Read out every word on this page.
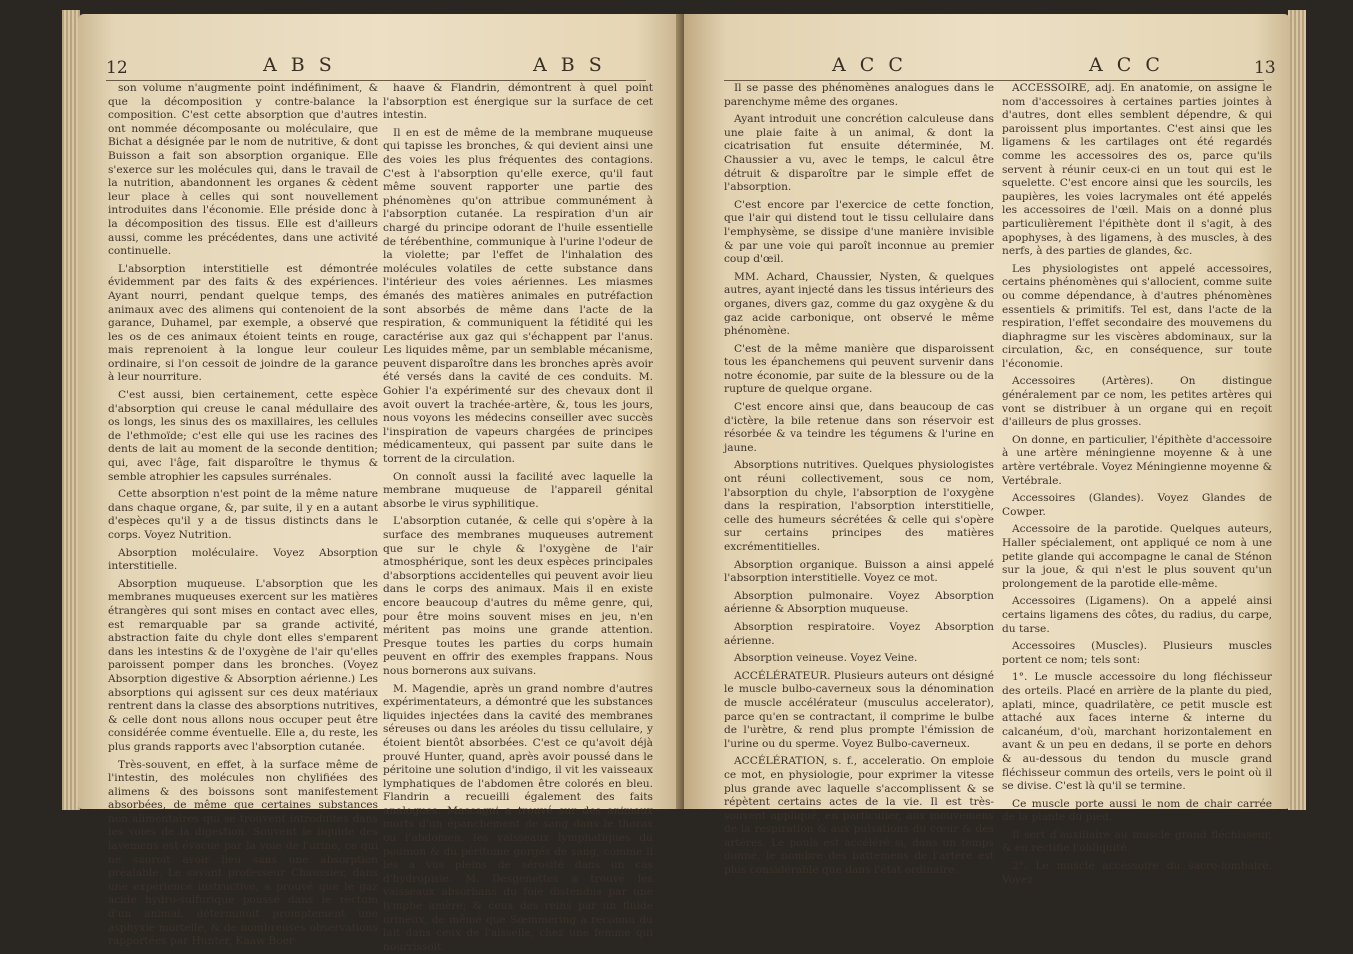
12	A B S	A B S

son volume n'augmente point indéfiniment, & que la décomposition y contre-balance la composition. C'est cette absorption que d'autres ont nommée décomposante ou moléculaire, que Bichat a désignée par le nom de nutritive, & dont Buisson a fait son absorption organique. Elle s'exerce sur les molécules qui, dans le travail de la nutrition, abandonnent les organes & cèdent leur place à celles qui sont nouvellement introduites dans l'économie. Elle préside donc à la décomposition des tissus. Elle est d'ailleurs aussi, comme les précédentes, dans une activité continuelle.

L'absorption interstitielle est démontrée évidemment par des faits & des expériences. Ayant nourri, pendant quelque temps, des animaux avec des alimens qui contenoient de la garance, Duhamel, par exemple, a observé que les os de ces animaux étoient teints en rouge, mais reprenoient à la longue leur couleur ordinaire, si l'on cessoit de joindre de la garance à leur nourriture.

C'est aussi, bien certainement, cette espèce d'absorption qui creuse le canal médullaire des os longs, les sinus des os maxillaires, les cellules de l'ethmoïde; c'est elle qui use les racines des dents de lait au moment de la seconde dentition; qui, avec l'âge, fait disparoître le thymus & semble atrophier les capsules surrénales.

Cette absorption n'est point de la même nature dans chaque organe, &, par suite, il y en a autant d'espèces qu'il y a de tissus distincts dans le corps. Voyez Nutrition.

Absorption moléculaire. Voyez Absorption interstitielle.

Absorption muqueuse. L'absorption que les membranes muqueuses exercent sur les matières étrangères qui sont mises en contact avec elles, est remarquable par sa grande activité, abstraction faite du chyle dont elles s'emparent dans les intestins & de l'oxygène de l'air qu'elles paroissent pomper dans les bronches. (Voyez Absorption digestive & Absorption aérienne.) Les absorptions qui agissent sur ces deux matériaux rentrent dans la classe des absorptions nutritives, & celle dont nous allons nous occuper peut être considérée comme éventuelle. Elle a, du reste, les plus grands rapports avec l'absorption cutanée.

Très-souvent, en effet, à la surface même de l'intestin, des molécules non chylifiées des alimens & des boissons sont manifestement absorbées, de même que certaines substances non alimentaires qui se trouvent introduites dans les voies de la digestion. Souvent le liquide des lavemens est évacué par la voie de l'urine, ce qui ne sauroit avoir lieu sans une absorption préalable. Le savant professeur Chaussier, dans une expérience instructive, a prouvé que le gaz acide hydro-sulfurique poussé dans le rectum d'un animal, déterminoit promptement une asphyxie mortelle, & de nombreuses observations rapportées par Hunter, Kaaw Boer-

haave & Flandrin, démontrent à quel point l'absorption est énergique sur la surface de cet intestin.

Il en est de même de la membrane muqueuse qui tapisse les bronches, & qui devient ainsi une des voies les plus fréquentes des contagions. C'est à l'absorption qu'elle exerce, qu'il faut même souvent rapporter une partie des phénomènes qu'on attribue communément à l'absorption cutanée. La respiration d'un air chargé du principe odorant de l'huile essentielle de térébenthine, communique à l'urine l'odeur de la violette; par l'effet de l'inhalation des molécules volatiles de cette substance dans l'intérieur des voies aériennes. Les miasmes émanés des matières animales en putréfaction sont absorbés de même dans l'acte de la respiration, & communiquent la fétidité qui les caractérise aux gaz qui s'échappent par l'anus. Les liquides même, par un semblable mécanisme, peuvent disparoître dans les bronches après avoir été versés dans la cavité de ces conduits. M. Gohier l'a expérimenté sur des chevaux dont il avoit ouvert la trachée-artère, &, tous les jours, nous voyons les médecins conseiller avec succès l'inspiration de vapeurs chargées de principes médicamenteux, qui passent par suite dans le torrent de la circulation.

On connoît aussi la facilité avec laquelle la membrane muqueuse de l'appareil génital absorbe le virus syphilitique.

L'absorption cutanée, & celle qui s'opère à la surface des membranes muqueuses autrement que sur le chyle & l'oxygène de l'air atmosphérique, sont les deux espèces principales d'absorptions accidentelles qui peuvent avoir lieu dans le corps des animaux. Mais il en existe encore beaucoup d'autres du même genre, qui, pour être moins souvent mises en jeu, n'en méritent pas moins une grande attention. Presque toutes les parties du corps humain peuvent en offrir des exemples frappans. Nous nous bornerons aux suivans.

M. Magendie, après un grand nombre d'autres expérimentateurs, a démontré que les substances liquides injectées dans la cavité des membranes séreuses ou dans les aréoles du tissu cellulaire, y étoient bientôt absorbées. C'est ce qu'avoit déjà prouvé Hunter, quand, après avoir poussé dans le péritoine une solution d'indigo, il vit les vaisseaux lymphatiques de l'abdomen être colorés en bleu. Flandrin a recueilli également des faits analogues. Mascagni a trouvé sur des animaux morts d'un épanchement de sang dans le thorax ou l'abdomen, les vaisseaux lymphatiques du poumon & du péritoine gorgés de sang, comme il les a vus pleins de sérosité dans un cas d'hydropisie. M. Desgenettes a trouvé les vaisseaux absorbans du foie distendus par une lymphe amère; & ceux des reins par un fluide urineux, de même que Sœmmering a reconnu du lait dans ceux de l'aisselle, chez une femme qui nourrissoit.

A C C	A C C	13

Il se passe des phénomènes analogues dans le parenchyme même des organes.

Ayant introduit une concrétion calculeuse dans une plaie faite à un animal, & dont la cicatrisation fut ensuite déterminée, M. Chaussier a vu, avec le temps, le calcul être détruit & disparoître par le simple effet de l'absorption.

C'est encore par l'exercice de cette fonction, que l'air qui distend tout le tissu cellulaire dans l'emphysème, se dissipe d'une manière invisible & par une voie qui paroît inconnue au premier coup d'œil.

MM. Achard, Chaussier, Nysten, & quelques autres, ayant injecté dans les tissus intérieurs des organes, divers gaz, comme du gaz oxygène & du gaz acide carbonique, ont observé le même phénomène.

C'est de la même manière que disparoissent tous les épanchemens qui peuvent survenir dans notre économie, par suite de la blessure ou de la rupture de quelque organe.

C'est encore ainsi que, dans beaucoup de cas d'ictère, la bile retenue dans son réservoir est résorbée & va teindre les tégumens & l'urine en jaune.

Absorptions nutritives. Quelques physiologistes ont réuni collectivement, sous ce nom, l'absorption du chyle, l'absorption de l'oxygène dans la respiration, l'absorption interstitielle, celle des humeurs sécrétées & celle qui s'opère sur certains principes des matières excrémentitielles.

Absorption organique. Buisson a ainsi appelé l'absorption interstitielle. Voyez ce mot.

Absorption pulmonaire. Voyez Absorption aérienne & Absorption muqueuse.

Absorption respiratoire. Voyez Absorption aérienne.

Absorption veineuse. Voyez Veine.

ACCÉLÉRATEUR. Plusieurs auteurs ont désigné le muscle bulbo-caverneux sous la dénomination de muscle accélérateur (musculus accelerator), parce qu'en se contractant, il comprime le bulbe de l'urètre, & rend plus prompte l'émission de l'urine ou du sperme. Voyez Bulbo-caverneux.

ACCÉLÉRATION, s. f., acceleratio. On emploie ce mot, en physiologie, pour exprimer la vitesse plus grande avec laquelle s'accomplissent & se répètent certains actes de la vie. Il est très-souvent appliqué, en particulier, aux mouvemens de la respiration & aux pulsations du cœur & des artères. Le pouls est accéléré si, dans un temps donné, le nombre des battemens de l'artère est plus considérable que dans l'état ordinaire.

ACCESSOIRE, adj. En anatomie, on assigne le nom d'accessoires à certaines parties jointes à d'autres, dont elles semblent dépendre, & qui paroissent plus importantes. C'est ainsi que les ligamens & les cartilages ont été regardés comme les accessoires des os, parce qu'ils servent à réunir ceux-ci en un tout qui est le squelette. C'est encore ainsi que les sourcils, les paupières, les voies lacrymales ont été appelés les accessoires de l'œil. Mais on a donné plus particulièrement l'épithète dont il s'agit, à des apophyses, à des ligamens, à des muscles, à des nerfs, à des parties de glandes, &c.

Les physiologistes ont appelé accessoires, certains phénomènes qui s'allocient, comme suite ou comme dépendance, à d'autres phénomènes essentiels & primitifs. Tel est, dans l'acte de la respiration, l'effet secondaire des mouvemens du diaphragme sur les viscères abdominaux, sur la circulation, &c, en conséquence, sur toute l'économie.

Accessoires (Artères). On distingue généralement par ce nom, les petites artères qui vont se distribuer à un organe qui en reçoit d'ailleurs de plus grosses.

On donne, en particulier, l'épithète d'accessoire à une artère méningienne moyenne & à une artère vertébrale. Voyez Méningienne moyenne & Vertébrale.

Accessoires (Glandes). Voyez Glandes de Cowper.

Accessoire de la parotide. Quelques auteurs, Haller spécialement, ont appliqué ce nom à une petite glande qui accompagne le canal de Sténon sur la joue, & qui n'est le plus souvent qu'un prolongement de la parotide elle-même.

Accessoires (Ligamens). On a appelé ainsi certains ligamens des côtes, du radius, du carpe, du tarse.

Accessoires (Muscles). Plusieurs muscles portent ce nom; tels sont:

1°. Le muscle accessoire du long fléchisseur des orteils. Placé en arrière de la plante du pied, aplati, mince, quadrilatère, ce petit muscle est attaché aux faces interne & interne du calcanéum, d'où, marchant horizontalement en avant & un peu en dedans, il se porte en dehors & au-dessous du tendon du muscle grand fléchisseur commun des orteils, vers le point où il se divise. C'est là qu'il se termine.

Ce muscle porte aussi le nom de chair carrée de la plante du pied.

Il sert d'auxiliaire au muscle grand fléchisseur, & en rectifie l'obliquité.

2°. Le muscle accessoire du sacro-lombaire. Voyez
